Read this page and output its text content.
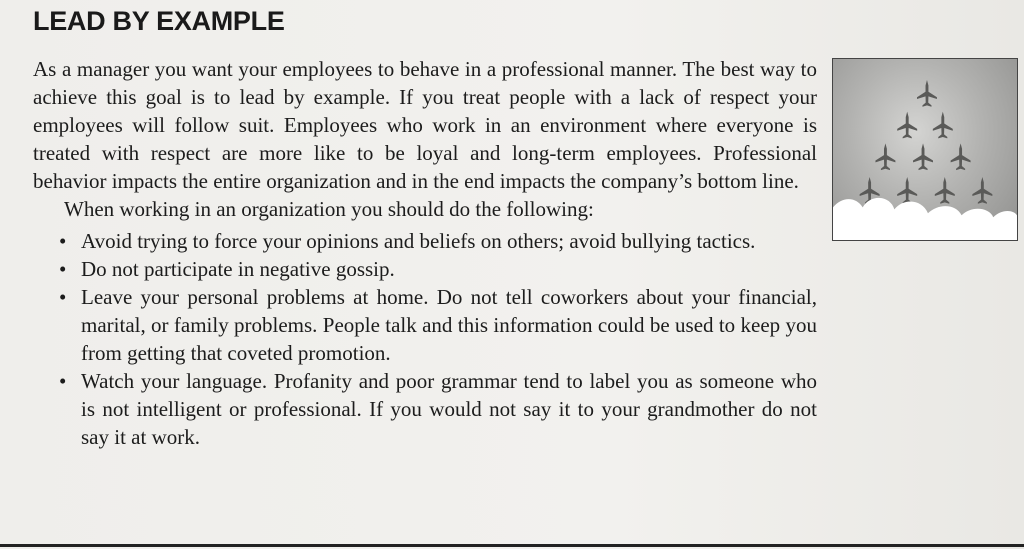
LEAD BY EXAMPLE

As a manager you want your employees to behave in a professional manner. The best way to achieve this goal is to lead by example. If you treat people with a lack of respect your employees will follow suit. Employees who work in an environment where everyone is treated with respect are more like to be loyal and long-term employees. Professional behavior impacts the entire organization and in the end impacts the company’s bottom line.

When working in an organization you should do the following:

• Avoid trying to force your opinions and beliefs on others; avoid bullying tactics.
• Do not participate in negative gossip.
• Leave your personal problems at home. Do not tell coworkers about your financial, marital, or family problems. People talk and this information could be used to keep you from getting that coveted promotion.
• Watch your language. Profanity and poor grammar tend to label you as someone who is not intelligent or professional. If you would not say it to your grandmother do not say it at work.
